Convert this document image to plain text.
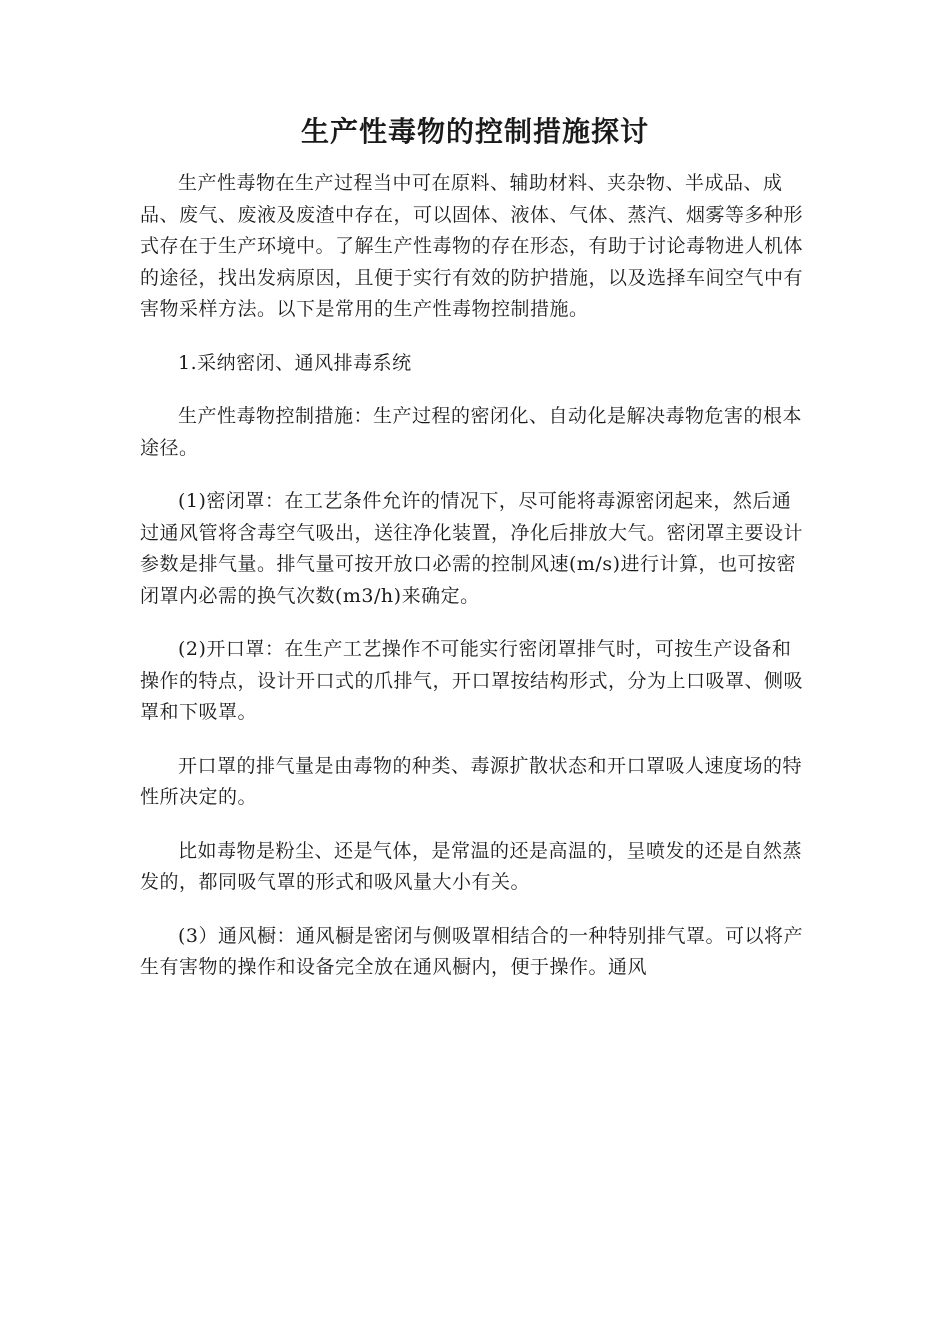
生产性毒物的控制措施探讨

生产性毒物在生产过程当中可在原料、辅助材料、夹杂物、半成品、成品、废气、废液及废渣中存在，可以固体、液体、气体、蒸汽、烟雾等多种形式存在于生产环境中。了解生产性毒物的存在形态，有助于讨论毒物进人机体的途径，找出发病原因，且便于实行有效的防护措施，以及选择车间空气中有害物采样方法。以下是常用的生产性毒物控制措施。

1.采纳密闭、通风排毒系统

生产性毒物控制措施：生产过程的密闭化、自动化是解决毒物危害的根本途径。

(1)密闭罩：在工艺条件允许的情况下，尽可能将毒源密闭起来，然后通过通风管将含毒空气吸出，送往净化装置，净化后排放大气。密闭罩主要设计参数是排气量。排气量可按开放口必需的控制风速(m/s)进行计算，也可按密闭罩内必需的换气次数(m3/h)来确定。

(2)开口罩：在生产工艺操作不可能实行密闭罩排气时，可按生产设备和操作的特点，设计开口式的爪排气，开口罩按结构形式，分为上口吸罩、侧吸罩和下吸罩。

开口罩的排气量是由毒物的种类、毒源扩散状态和开口罩吸人速度场的特性所决定的。

比如毒物是粉尘、还是气体，是常温的还是高温的，呈喷发的还是自然蒸发的，都同吸气罩的形式和吸风量大小有关。

(3）通风橱：通风橱是密闭与侧吸罩相结合的一种特别排气罩。可以将产生有害物的操作和设备完全放在通风橱内，便于操作。通风
